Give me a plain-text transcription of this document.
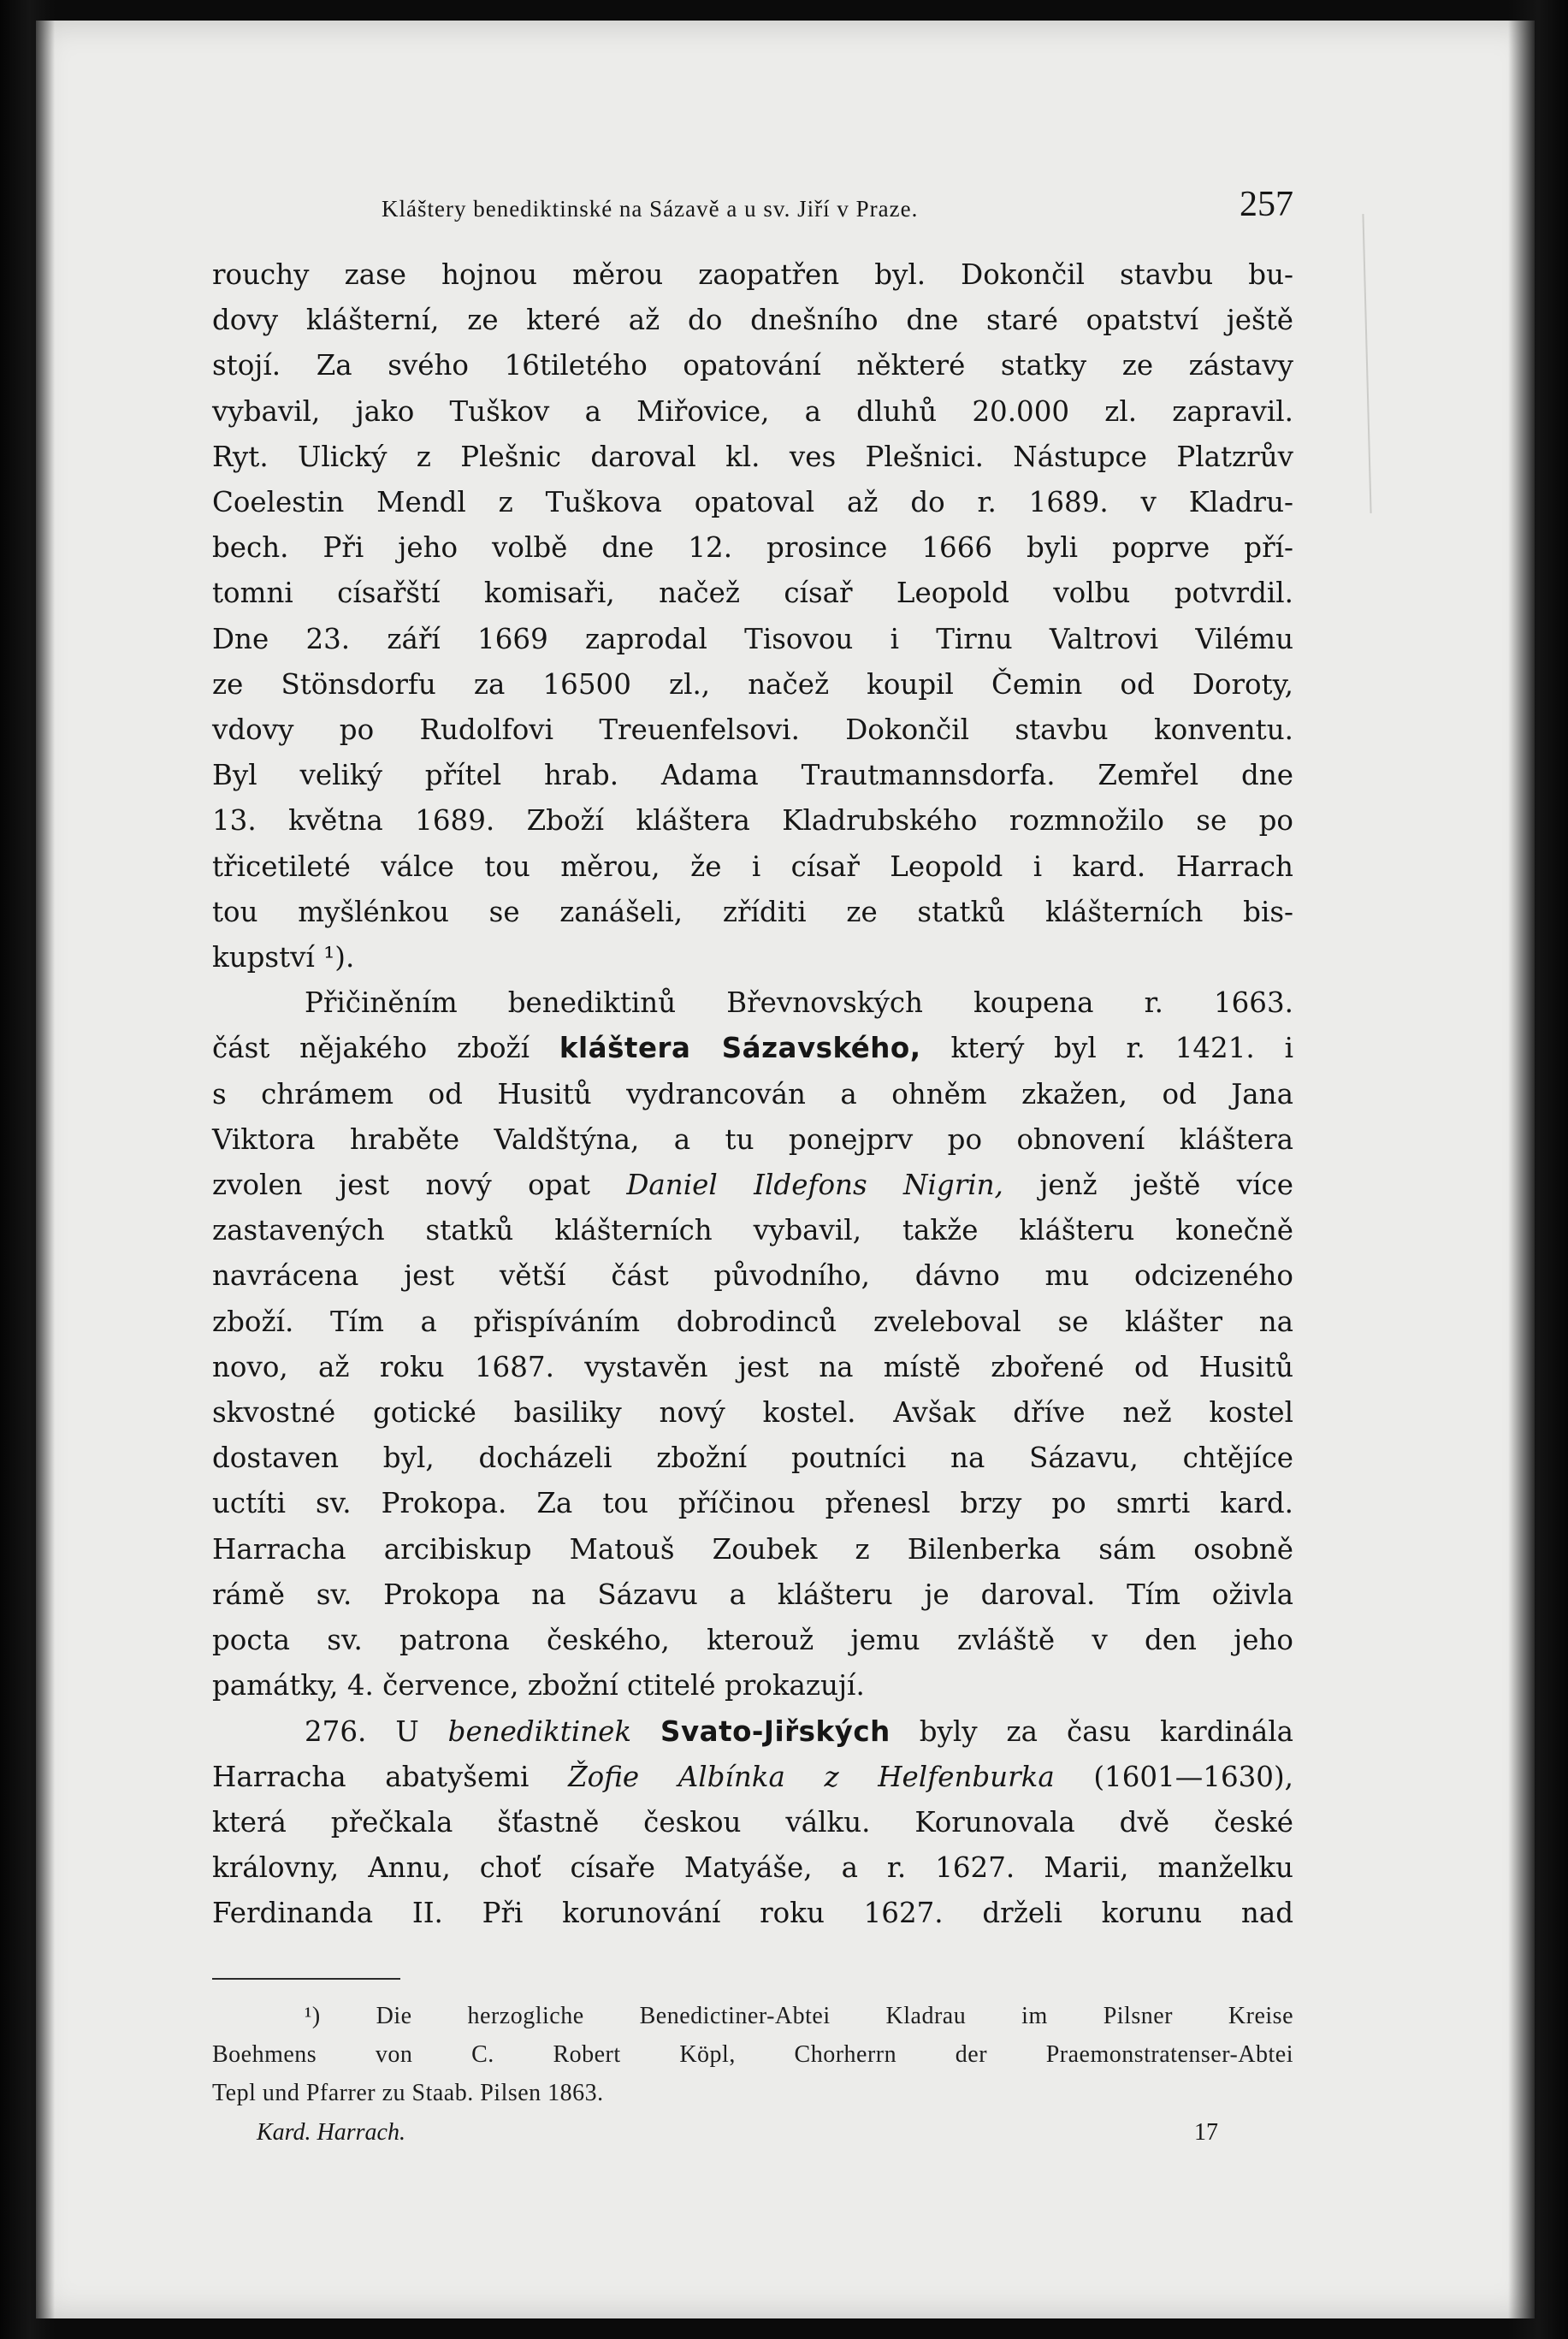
Kláštery benediktinské na Sázavě a u sv. Jiří v Praze.	257
rouchy zase hojnou měrou zaopatřen byl. Dokončil stavbu bu-
dovy klášterní, ze které až do dnešního dne staré opatství ještě
stojí. Za svého 16tiletého opatování některé statky ze zástavy
vybavil, jako Tuškov a Miřovice, a dluhů 20.000 zl. zapravil.
Ryt. Ulický z Plešnic daroval kl. ves Plešnici. Nástupce Platzrův
Coelestin Mendl z Tuškova opatoval až do r. 1689. v Kladru-
bech. Při jeho volbě dne 12. prosince 1666 byli poprve pří-
tomni císařští komisaři, načež císař Leopold volbu potvrdil.
Dne 23. září 1669 zaprodal Tisovou i Tirnu Valtrovi Vilému
ze Stönsdorfu za 16500 zl., načež koupil Čemin od Doroty,
vdovy po Rudolfovi Treuenfelsovi. Dokončil stavbu konventu.
Byl veliký přítel hrab. Adama Trautmannsdorfa. Zemřel dne
13. května 1689. Zboží kláštera Kladrubského rozmnožilo se po
třicetileté válce tou měrou, že i císař Leopold i kard. Harrach
tou myšlénkou se zanášeli, zříditi ze statků klášterních bis-
kupství ¹).
Přičiněním benediktinů Břevnovských koupena r. 1663.
část nějakého zboží kláštera Sázavského, který byl r. 1421. i
s chrámem od Husitů vydrancován a ohněm zkažen, od Jana
Viktora hraběte Valdštýna, a tu ponejprv po obnovení kláštera
zvolen jest nový opat Daniel Ildefons Nigrin, jenž ještě více
zastavených statků klášterních vybavil, takže klášteru konečně
navrácena jest větší část původního, dávno mu odcizeného
zboží. Tím a přispíváním dobrodinců zveleboval se klášter na
novo, až roku 1687. vystavěn jest na místě zbořené od Husitů
skvostné gotické basiliky nový kostel. Avšak dříve než kostel
dostaven byl, docházeli zbožní poutníci na Sázavu, chtějíce
uctíti sv. Prokopa. Za tou příčinou přenesl brzy po smrti kard.
Harracha arcibiskup Matouš Zoubek z Bilenberka sám osobně
rámě sv. Prokopa na Sázavu a klášteru je daroval. Tím oživla
pocta sv. patrona českého, kterouž jemu zvláště v den jeho
památky, 4. července, zbožní ctitelé prokazují.
276. U benediktinek Svato-Jiřských byly za času kardinála
Harracha abatyšemi Žofie Albínka z Helfenburka (1601—1630),
která přečkala šťastně českou válku. Korunovala dvě české
královny, Annu, choť císaře Matyáše, a r. 1627. Marii, manželku
Ferdinanda II. Při korunování roku 1627. drželi korunu nad
¹) Die herzogliche Benedictiner-Abtei Kladrau im Pilsner Kreise
Boehmens von C. Robert Köpl, Chorherrn der Praemonstratenser-Abtei
Tepl und Pfarrer zu Staab. Pilsen 1863.
Kard. Harrach.	17
